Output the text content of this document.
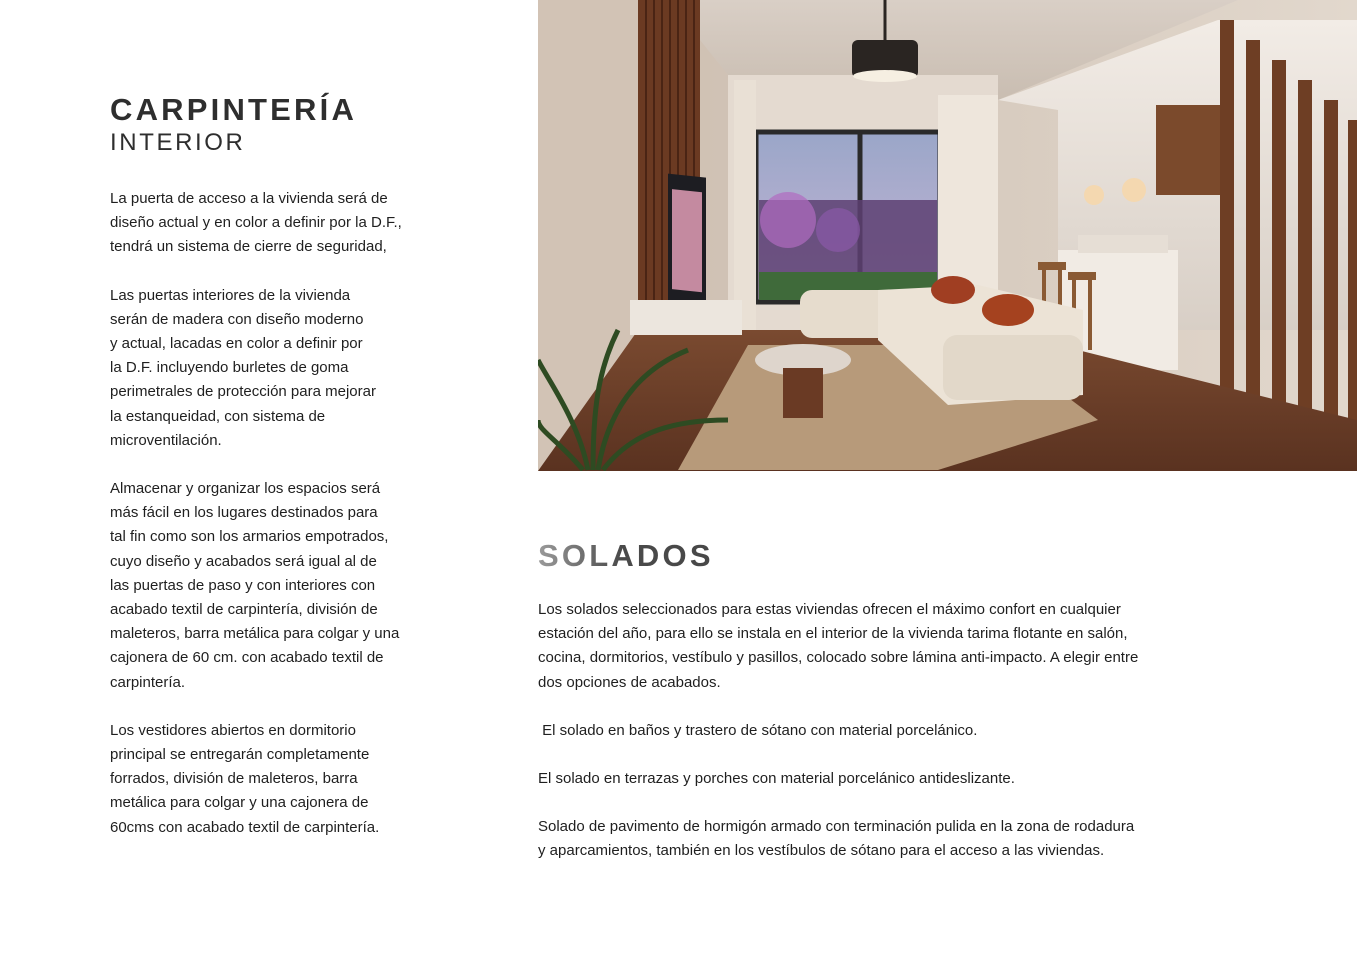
CARPINTERÍA
INTERIOR

La puerta de acceso a la vivienda será de

diseño actual y en color a definir por la D.F.,

tendrá un sistema de cierre de seguridad,

Las puertas interiores de la vivienda

serán de madera con diseño moderno

y actual, lacadas en color a definir por

la D.F. incluyendo burletes de goma

perimetrales de protección para mejorar

la estanqueidad, con sistema de

microventilación.

Almacenar y organizar los espacios será

más fácil en los lugares destinados para

tal fin como son los armarios empotrados,

cuyo diseño y acabados será igual al de

las puertas de paso y con interiores con

acabado textil de carpintería, división de

maleteros, barra metálica para colgar y una

cajonera de 60 cm. con acabado textil de

carpintería.

Los vestidores abiertos en dormitorio

principal se entregarán completamente

forrados, división de maleteros, barra

metálica para colgar y una cajonera de

60cms con acabado textil de carpintería.

SOLADOS

Los solados seleccionados para estas viviendas ofrecen el máximo confort en cualquier

estación del año, para ello se instala en el interior de la vivienda tarima flotante en salón,

cocina, dormitorios, vestíbulo y pasillos, colocado sobre lámina anti-impacto. A elegir entre

dos opciones de acabados.

El solado en baños y trastero de sótano con material porcelánico.

El solado en terrazas y porches con material porcelánico antideslizante.

Solado de pavimento de hormigón armado con terminación pulida en la zona de rodadura

y aparcamientos, también en los vestíbulos de sótano para el acceso a las viviendas.
